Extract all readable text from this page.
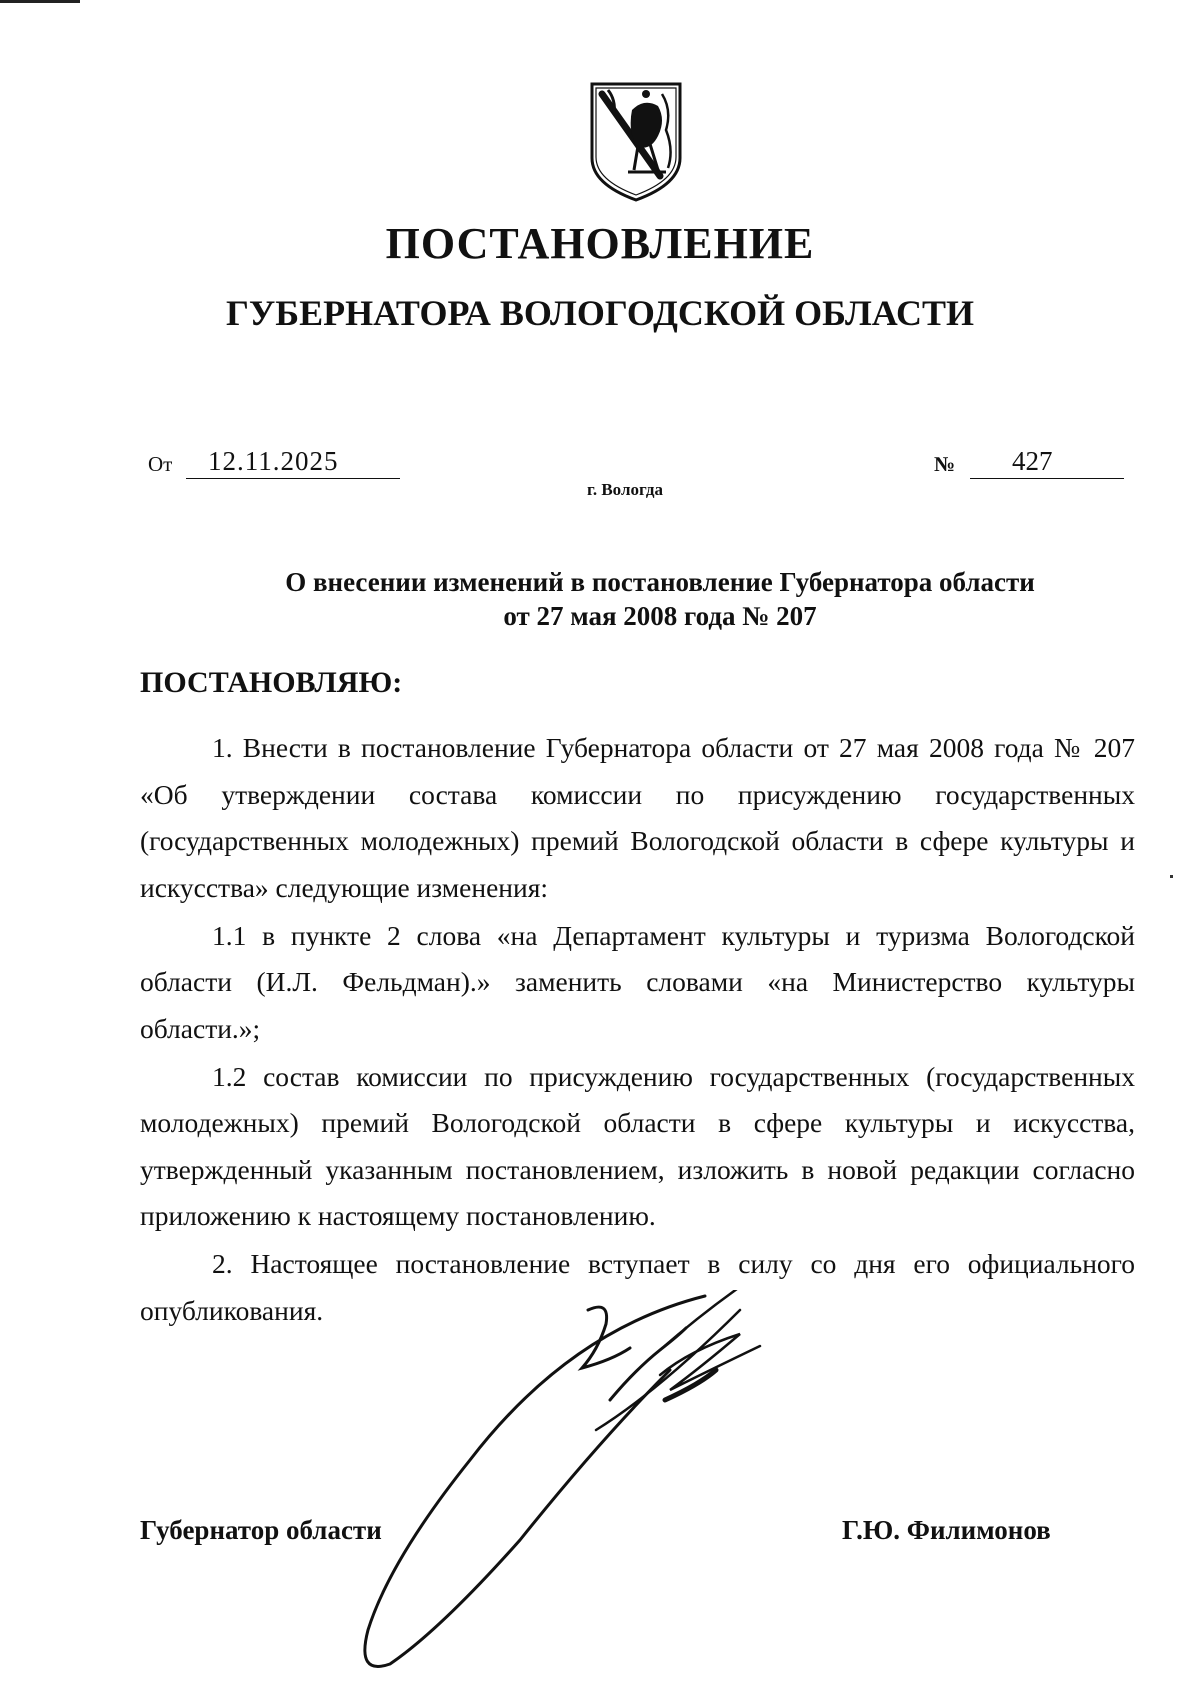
ПОСТАНОВЛЕНИЕ
ГУБЕРНАТОРА ВОЛОГОДСКОЙ ОБЛАСТИ
От 12.11.2025	№ 427
г. Вологда
О внесении изменений в постановление Губернатора области
от 27 мая 2008 года № 207
ПОСТАНОВЛЯЮ:

1. Внести в постановление Губернатора области от 27 мая 2008 года № 207 «Об утверждении состава комиссии по присуждению государственных (государственных молодежных) премий Вологодской области в сфере культуры и искусства» следующие изменения:

1.1 в пункте 2 слова «на Департамент культуры и туризма Вологодской области (И.Л. Фельдман).» заменить словами «на Министерство культуры области.»;

1.2 состав комиссии по присуждению государственных (государственных молодежных) премий Вологодской области в сфере культуры и искусства, утвержденный указанным постановлением, изложить в новой редакции согласно приложению к настоящему постановлению.

2. Настоящее постановление вступает в силу со дня его официального опубликования.

Губернатор области	Г.Ю. Филимонов
